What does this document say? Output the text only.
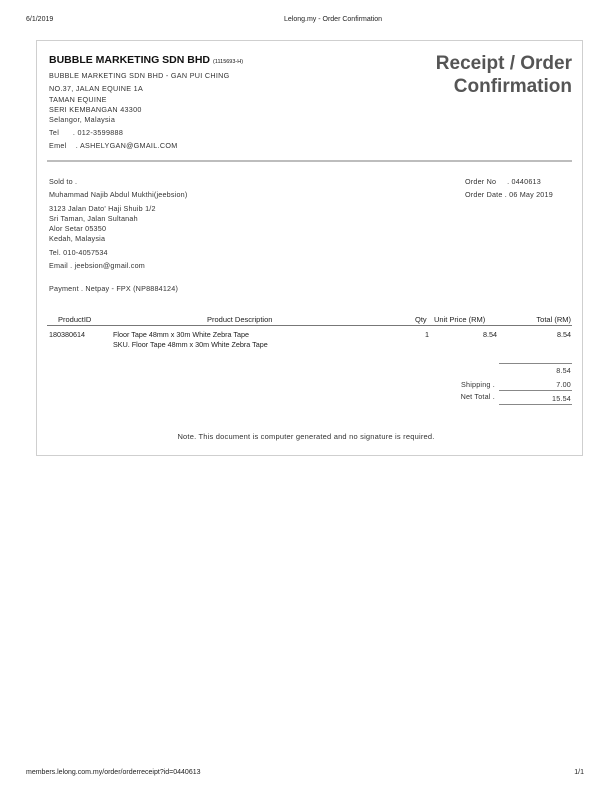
6/1/2019	Lelong.my - Order Confirmation
BUBBLE MARKETING SDN BHD (1115693-H)
BUBBLE MARKETING SDN BHD - GAN PUI CHING
NO.37, JALAN EQUINE 1A
TAMAN EQUINE
SERI KEMBANGAN 43300
Selangor, Malaysia
Tel      . 012-3599888
Emel    . ASHELYGAN@GMAIL.COM
Receipt / Order
Confirmation
Sold to .
Muhammad Najib Abdul Mukthi(jeebsion)
3123 Jalan Dato' Haji Shuib 1/2
Sri Taman, Jalan Sultanah
Alor Setar 05350
Kedah, Malaysia
Tel. 010-4057534
Email . jeebsion@gmail.com
Payment . Netpay - FPX (NP8884124)
Order No     . 0440613
Order Date . 06 May 2019
ProductID	Product Description	Qty Unit Price (RM)	Total (RM)
180380614	Floor Tape 48mm x 30m White Zebra Tape
SKU. Floor Tape 48mm x 30m White Zebra Tape
1	8.54	8.54
8.54
Shipping .	7.00
Net Total .	15.54
Note. This document is computer generated and no signature is required.
members.lelong.com.my/order/orderreceipt?id=0440613	1/1
